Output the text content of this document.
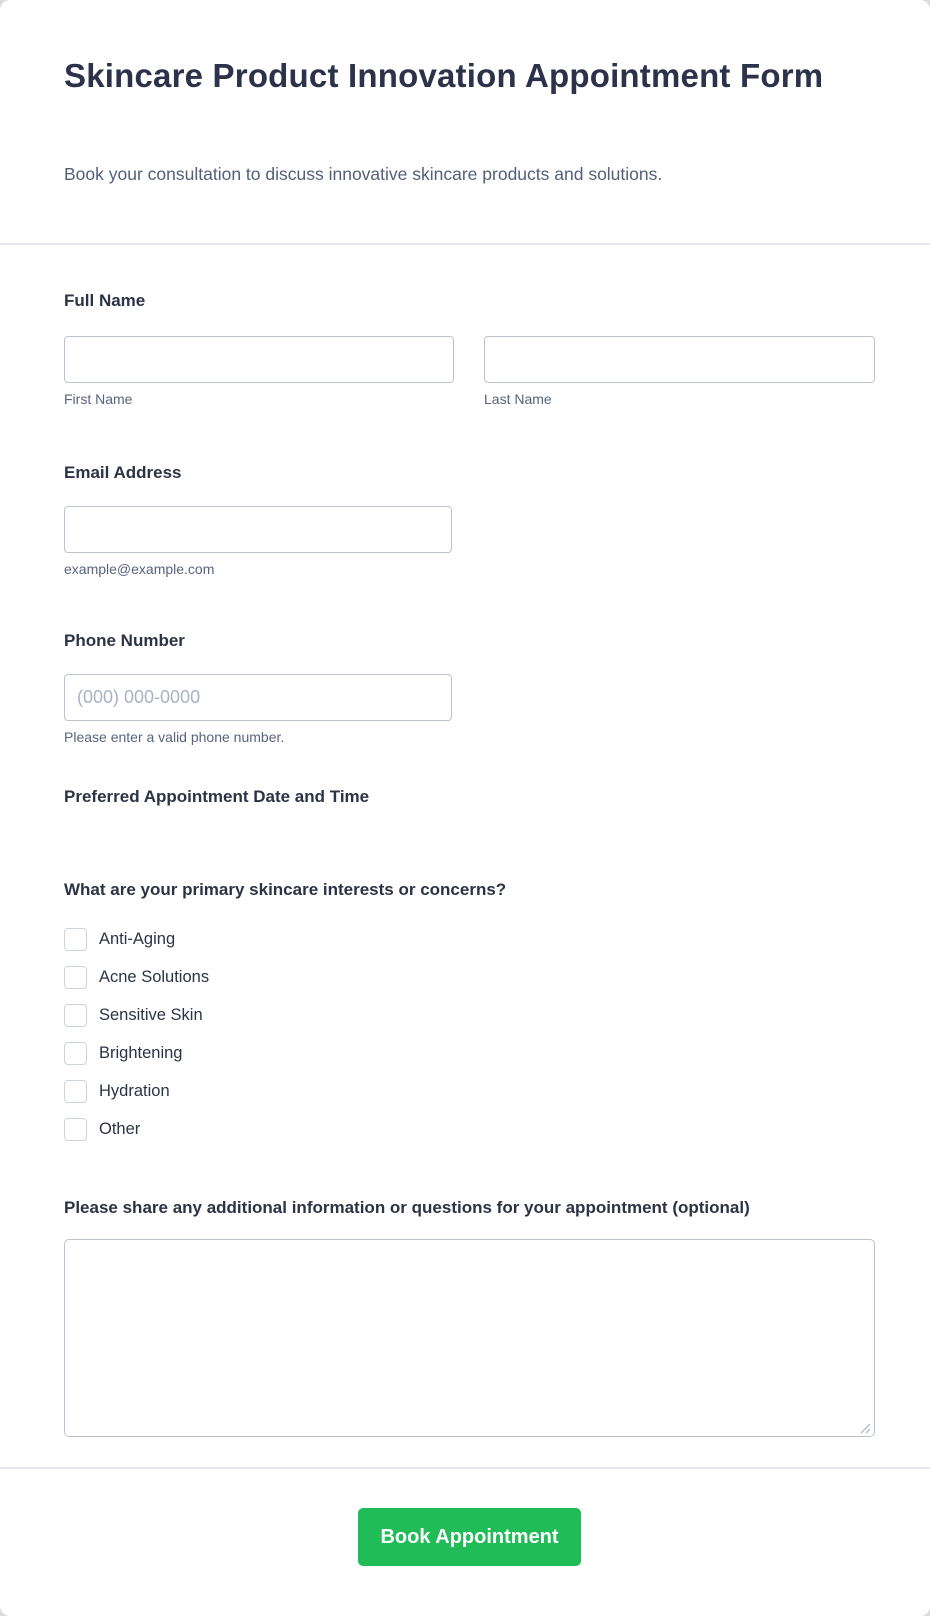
Skincare Product Innovation Appointment Form
Book your consultation to discuss innovative skincare products and solutions.
Full Name
First Name	Last Name
Email Address
example@example.com
Phone Number
(000) 000-0000
Please enter a valid phone number.
Preferred Appointment Date and Time
What are your primary skincare interests or concerns?
Anti-Aging
Acne Solutions
Sensitive Skin
Brightening
Hydration
Other
Please share any additional information or questions for your appointment (optional)
Book Appointment
